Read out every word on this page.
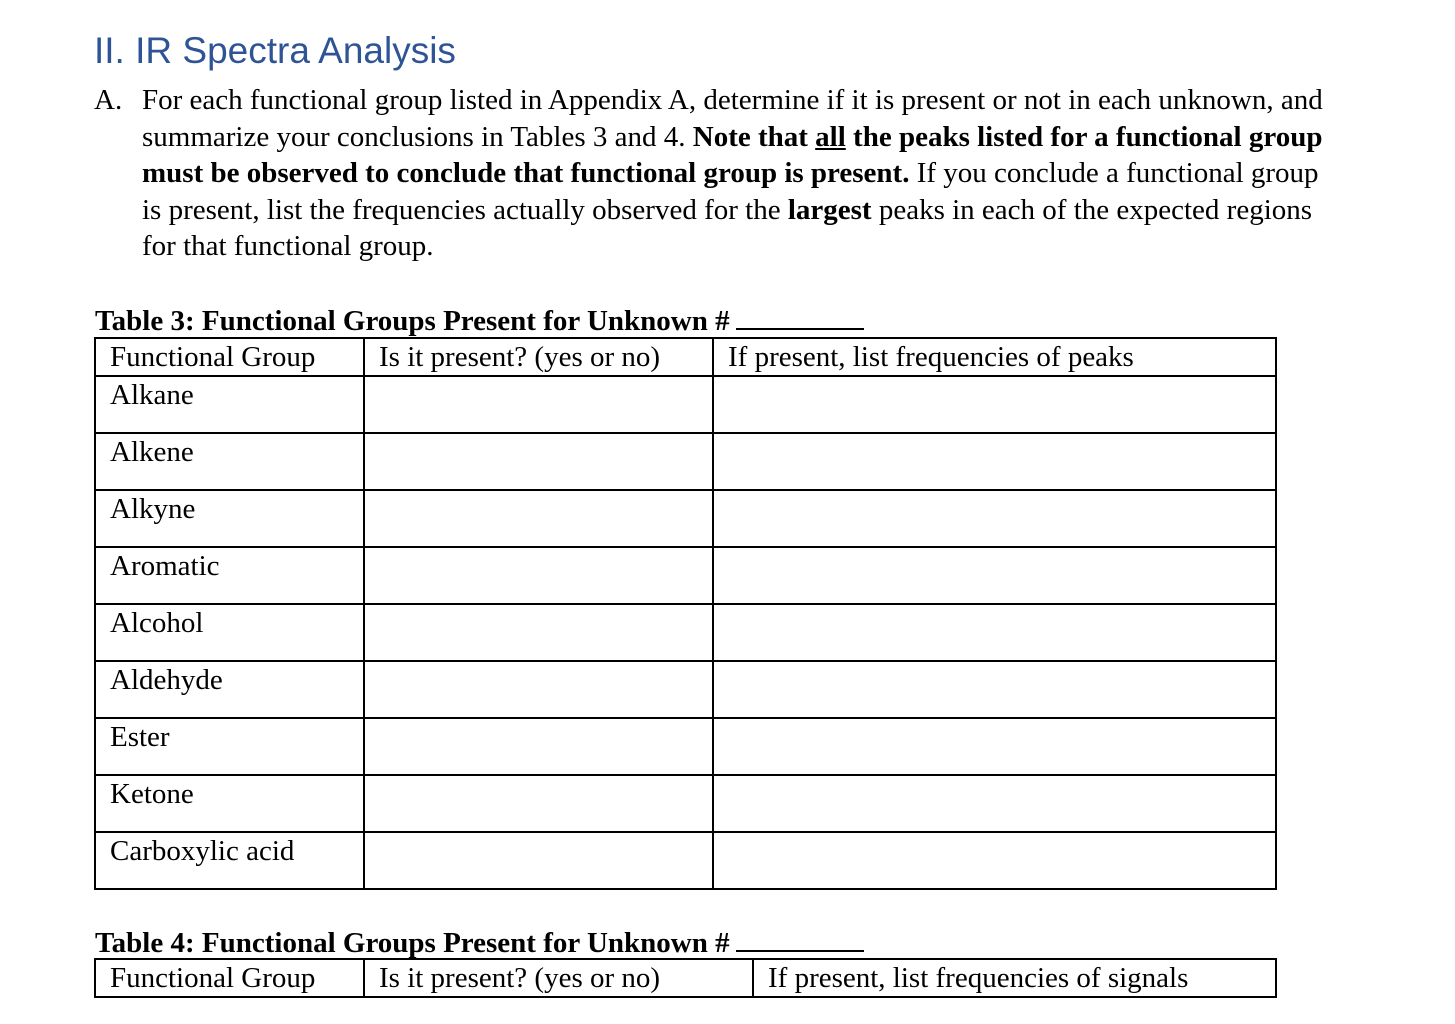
II. IR Spectra Analysis
A. For each functional group listed in Appendix A, determine if it is present or not in each unknown, and summarize your conclusions in Tables 3 and 4. Note that all the peaks listed for a functional group must be observed to conclude that functional group is present. If you conclude a functional group is present, list the frequencies actually observed for the largest peaks in each of the expected regions for that functional group.
Table 3: Functional Groups Present for Unknown #
Functional Group	Is it present? (yes or no)	If present, list frequencies of peaks
Alkane		
Alkene		
Alkyne		
Aromatic		
Alcohol		
Aldehyde		
Ester		
Ketone		
Carboxylic acid		
Table 4: Functional Groups Present for Unknown #
Functional Group	Is it present? (yes or no)	If present, list frequencies of signals
